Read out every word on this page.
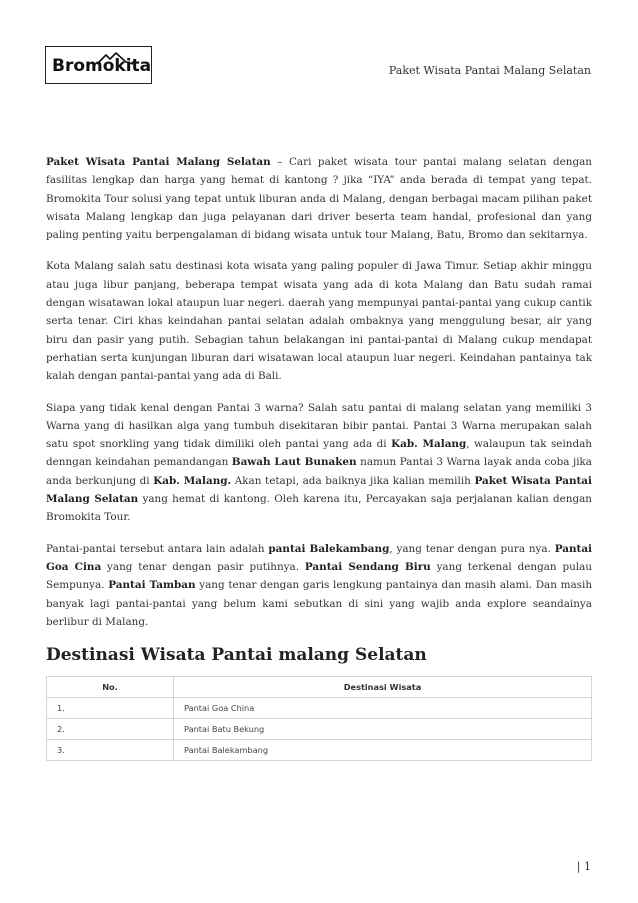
Bromokita	Paket Wisata Pantai Malang Selatan

Paket Wisata Pantai Malang Selatan – Cari paket wisata tour pantai malang selatan dengan fasilitas lengkap dan harga yang hemat di kantong ? jika “IYA” anda berada di tempat yang tepat. Bromokita Tour solusi yang tepat untuk liburan anda di Malang, dengan berbagai macam pilihan paket wisata Malang lengkap dan juga pelayanan dari driver beserta team handal, profesional dan yang paling penting yaitu berpengalaman di bidang wisata untuk tour Malang, Batu, Bromo dan sekitarnya.

Kota Malang salah satu destinasi kota wisata yang paling populer di Jawa Timur. Setiap akhir minggu atau juga libur panjang, beberapa tempat wisata yang ada di kota Malang dan Batu sudah ramai dengan wisatawan lokal ataupun luar negeri. daerah yang mempunyai pantai-pantai yang cukup cantik serta tenar. Ciri khas keindahan pantai selatan adalah ombaknya yang menggulung besar, air yang biru dan pasir yang putih. Sebagian tahun belakangan ini pantai-pantai di Malang cukup mendapat perhatian serta kunjungan liburan dari wisatawan local ataupun luar negeri. Keindahan pantainya tak kalah dengan pantai-pantai yang ada di Bali.

Siapa yang tidak kenal dengan Pantai 3 warna? Salah satu pantai di malang selatan yang memiliki 3 Warna yang di hasilkan alga yang tumbuh disekitaran bibir pantai. Pantai 3 Warna merupakan salah satu spot snorkling yang tidak dimiliki oleh pantai yang ada di Kab. Malang, walaupun tak seindah denngan keindahan pemandangan Bawah Laut Bunaken namun Pantai 3 Warna layak anda coba jika anda berkunjung di Kab. Malang. Akan tetapi, ada baiknya jika kalian memilih Paket Wisata Pantai Malang Selatan yang hemat di kantong. Oleh karena itu, Percayakan saja perjalanan kalian dengan Bromokita Tour.

Pantai-pantai tersebut antara lain adalah pantai Balekambang, yang tenar dengan pura nya. Pantai Goa Cina yang tenar dengan pasir putihnya. Pantai Sendang Biru yang terkenal dengan pulau Sempunya. Pantai Tamban yang tenar dengan garis lengkung pantainya dan masih alami. Dan masih banyak lagi pantai-pantai yang belum kami sebutkan di sini yang wajib anda explore seandainya berlibur di Malang.

Destinasi Wisata Pantai malang Selatan
No.	Destinasi Wisata
1.	Pantai Goa China
2.	Pantai Batu Bekung
3.	Pantai Balekambang
| 1
